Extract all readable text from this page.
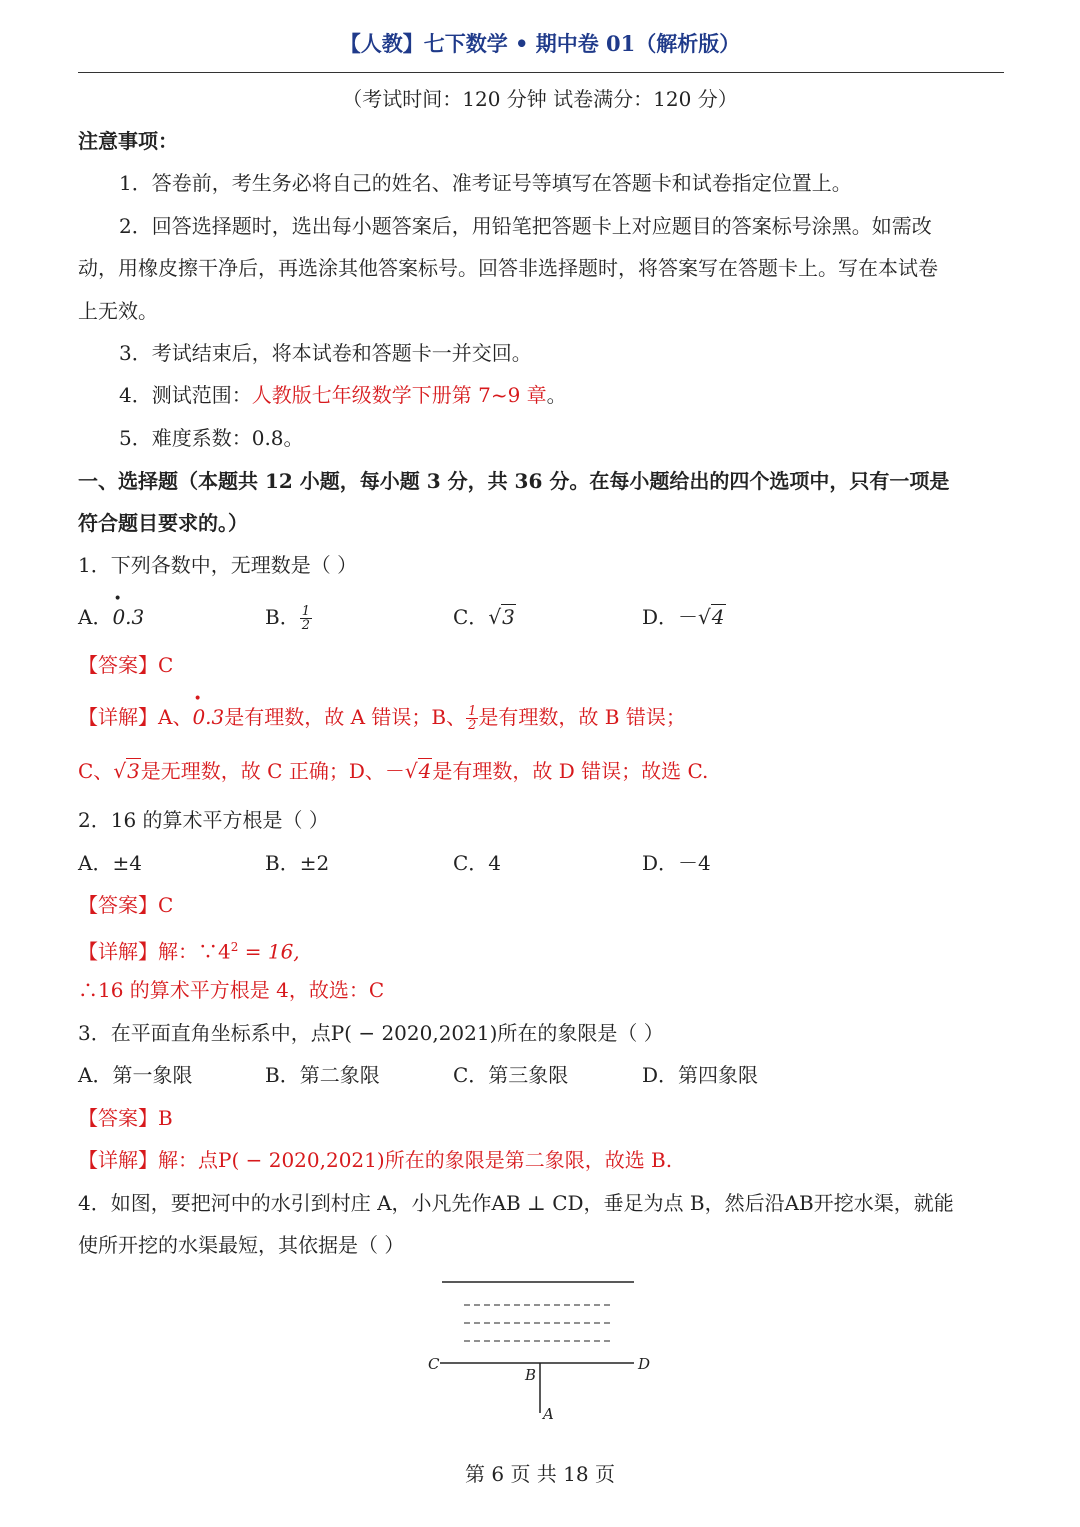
【人教】七下数学 • 期中卷 01（解析版）
（考试时间：120 分钟 试卷满分：120 分）
注意事项：
1．答卷前，考生务必将自己的姓名、准考证号等填写在答题卡和试卷指定位置上。
2．回答选择题时，选出每小题答案后，用铅笔把答题卡上对应题目的答案标号涂黑。如需改
动，用橡皮擦干净后，再选涂其他答案标号。回答非选择题时，将答案写在答题卡上。写在本试卷
上无效。
3．考试结束后，将本试卷和答题卡一并交回。
4．测试范围：人教版七年级数学下册第 7~9 章。
5．难度系数：0.8。
一、选择题（本题共 12 小题，每小题 3 分，共 36 分。在每小题给出的四个选项中，只有一项是
符合题目要求的。）
1．下列各数中，无理数是（ ）
A．• 0.3	B． $\frac{1}{2}$	C．√3	D．－√4
【答案】C
【详解】A、• 0.3是有理数，故 A 错误；B、 $\frac{1}{2}$ 是有理数，故 B 错误；
C、√3是无理数，故 C 正确；D、－√4是有理数，故 D 错误；故选 C.
2．16 的算术平方根是（ ）
A．±4	B．±2	C．4	D．－4
【答案】C
【详解】解：$\because 4^2 = 16$,
∴16 的算术平方根是 4，故选：C
3．在平面直角坐标系中，点P( − 2020,2021)所在的象限是（ ）
A．第一象限	B．第二象限	C．第三象限	D．第四象限
【答案】B
【详解】解：点P( − 2020,2021)所在的象限是第二象限，故选 B.
4．如图，要把河中的水引到村庄 A，小凡先作AB ⊥ CD，垂足为点 B，然后沿AB开挖水渠，就能
使所开挖的水渠最短，其依据是（ ）
C	D
B
A
第 6 页 共 18 页
